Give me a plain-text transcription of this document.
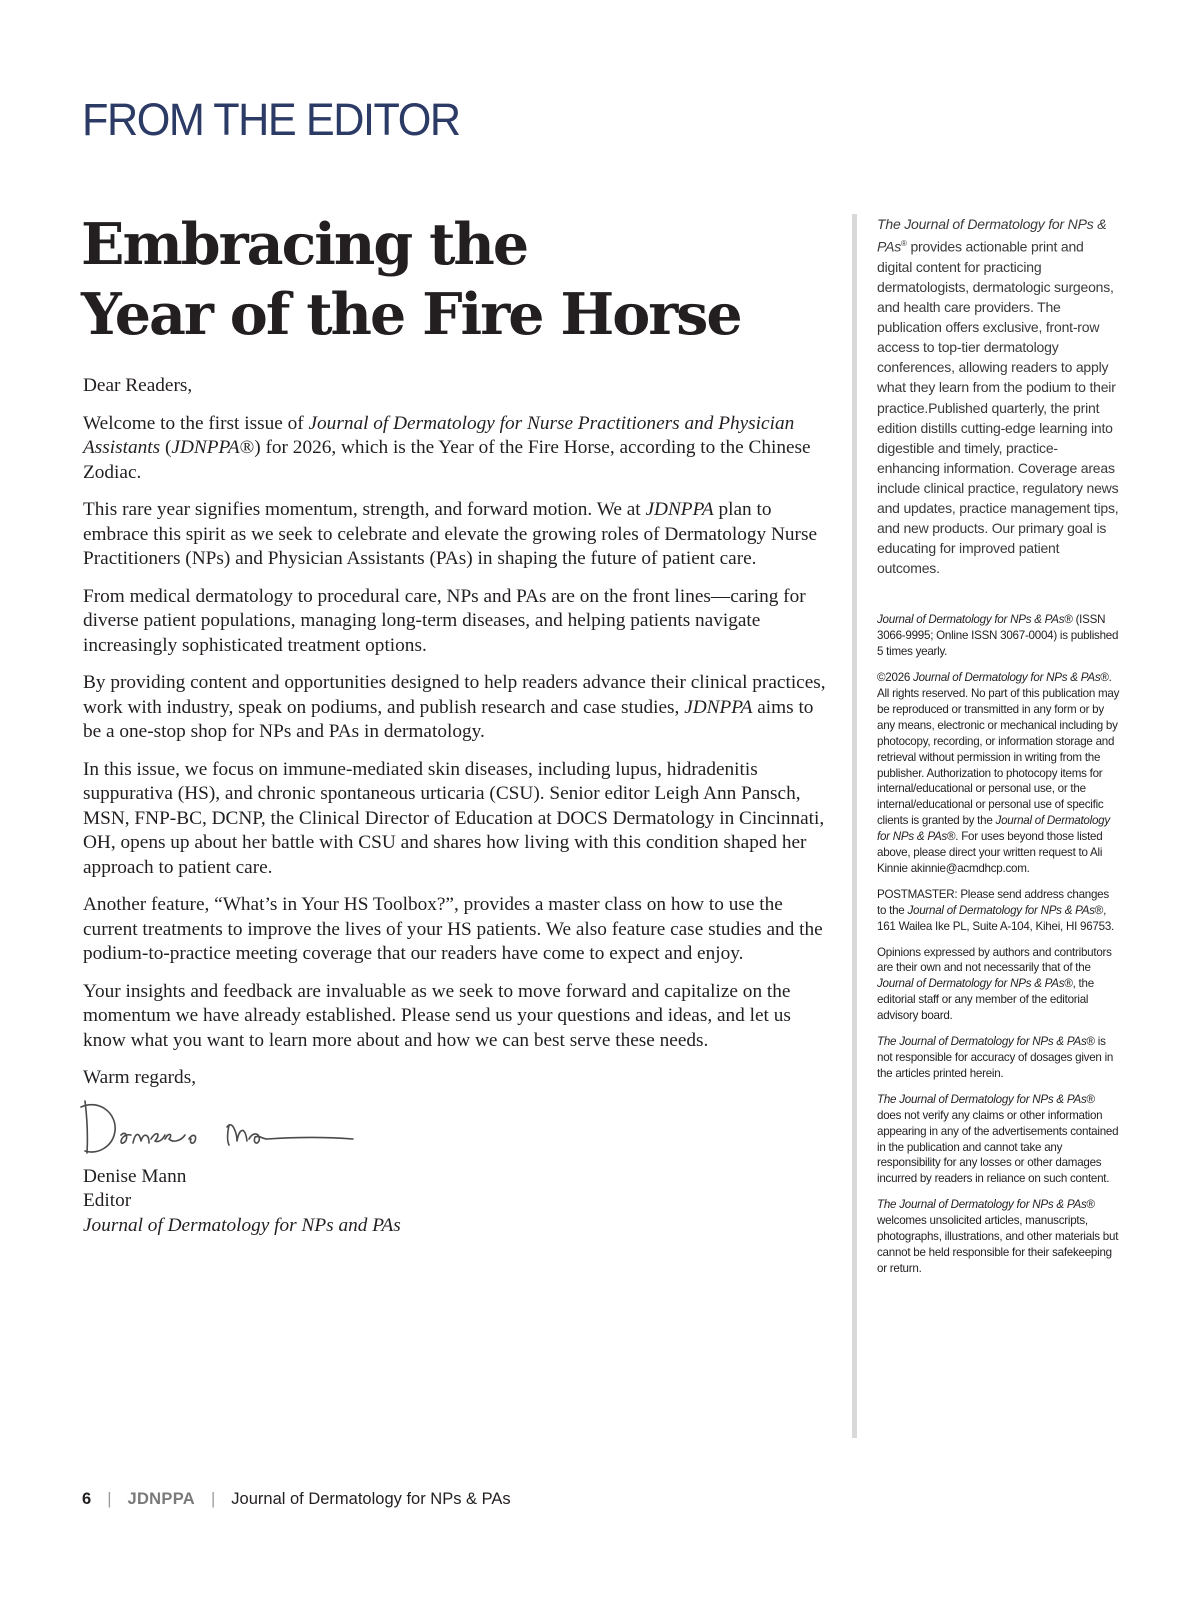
FROM THE EDITOR
Embracing the
Year of the Fire Horse

Dear Readers,

Welcome to the first issue of Journal of Dermatology for Nurse Practitioners and Physician Assistants (JDNPPA®) for 2026, which is the Year of the Fire Horse, according to the Chinese Zodiac.

This rare year signifies momentum, strength, and forward motion. We at JDNPPA plan to embrace this spirit as we seek to celebrate and elevate the growing roles of Dermatology Nurse Practitioners (NPs) and Physician Assistants (PAs) in shaping the future of patient care.

From medical dermatology to procedural care, NPs and PAs are on the front lines—caring for diverse patient populations, managing long-term diseases, and helping patients navigate increasingly sophisticated treatment options.

By providing content and opportunities designed to help readers advance their clinical practices, work with industry, speak on podiums, and publish research and case studies, JDNPPA aims to be a one-stop shop for NPs and PAs in dermatology.

In this issue, we focus on immune-mediated skin diseases, including lupus, hidradenitis suppurativa (HS), and chronic spontaneous urticaria (CSU). Senior editor Leigh Ann Pansch, MSN, FNP-BC, DCNP, the Clinical Director of Education at DOCS Dermatology in Cincinnati, OH, opens up about her battle with CSU and shares how living with this condition shaped her approach to patient care.

Another feature, “What’s in Your HS Toolbox?”, provides a master class on how to use the current treatments to improve the lives of your HS patients. We also feature case studies and the podium-to-practice meeting coverage that our readers have come to expect and enjoy.

Your insights and feedback are invaluable as we seek to move forward and capitalize on the momentum we have already established. Please send us your questions and ideas, and let us know what you want to learn more about and how we can best serve these needs.

Warm regards,

Denise Mann

Editor

Journal of Dermatology for NPs and PAs

The Journal of Dermatology for NPs & PAs® provides actionable print and digital content for practicing dermatologists, dermatologic surgeons, and health care providers. The publication offers exclusive, front-row access to top-tier dermatology conferences, allowing readers to apply what they learn from the podium to their practice.Published quarterly, the print edition distills cutting-edge learning into digestible and timely, practice-enhancing information. Coverage areas include clinical practice, regulatory news and updates, practice management tips, and new products. Our primary goal is educating for improved patient outcomes.

Journal of Dermatology for NPs & PAs® (ISSN 3066-9995; Online ISSN 3067-0004) is published 5 times yearly.

©2026 Journal of Dermatology for NPs & PAs®. All rights reserved. No part of this publication may be reproduced or transmitted in any form or by any means, electronic or mechanical including by photocopy, recording, or information storage and retrieval without permission in writing from the publisher. Authorization to photocopy items for internal/educational or personal use, or the internal/educational or personal use of specific clients is granted by the Journal of Dermatology for NPs & PAs®. For uses beyond those listed above, please direct your written request to Ali Kinnie akinnie@acmdhcp.com.

POSTMASTER: Please send address changes to the Journal of Dermatology for NPs & PAs®, 161 Wailea Ike PL, Suite A-104, Kihei, HI 96753.

Opinions expressed by authors and contributors are their own and not necessarily that of the Journal of Dermatology for NPs & PAs®, the editorial staff or any member of the editorial advisory board.

The Journal of Dermatology for NPs & PAs® is not responsible for accuracy of dosages given in the articles printed herein.

The Journal of Dermatology for NPs & PAs® does not verify any claims or other information appearing in any of the advertisements contained in the publication and cannot take any responsibility for any losses or other damages incurred by readers in reliance on such content.

The Journal of Dermatology for NPs & PAs® welcomes unsolicited articles, manuscripts, photographs, illustrations, and other materials but cannot be held responsible for their safekeeping or return.

6 | JDNPPA | Journal of Dermatology for NPs & PAs
